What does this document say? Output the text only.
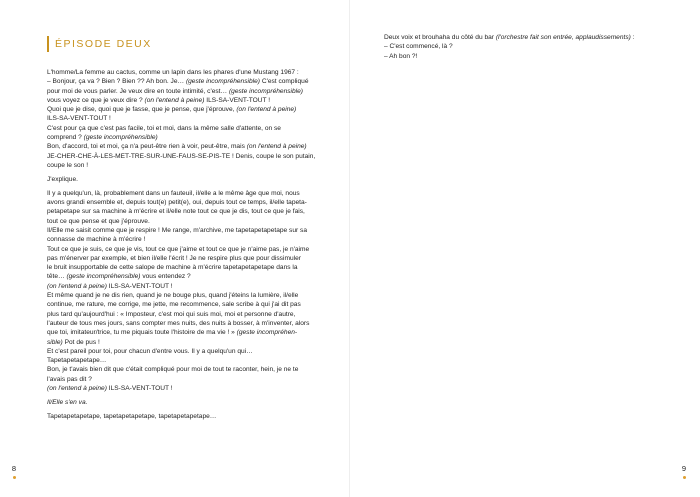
ÉPISODE DEUX

L'homme/La femme au cactus, comme un lapin dans les phares d'une Mustang 1967 :
– Bonjour, ça va ? Bien ? Bien ?? Ah bon. Je… (geste incompréhensible) C'est compliqué
pour moi de vous parler. Je veux dire en toute intimité, c'est… (geste incompréhensible)
vous voyez ce que je veux dire ? (on l'entend à peine) ILS-SA-VENT-TOUT !
Quoi que je dise, quoi que je fasse, que je pense, que j'éprouve, (on l'entend à peine)
ILS-SA-VENT-TOUT !
C'est pour ça que c'est pas facile, toi et moi, dans la même salle d'attente, on se
comprend ? (geste incompréhensible)
Bon, d'accord, toi et moi, ça n'a peut-être rien à voir, peut-être, mais (on l'entend à peine)
JE-CHER-CHE-À-LES-MET-TRE-SUR-UNE-FAUS-SE-PIS-TE ! Denis, coupe le son putain,
coupe le son !

J'explique.

Il y a quelqu'un, là, probablement dans un fauteuil, il/elle a le même âge que moi, nous
avons grandi ensemble et, depuis tout(e) petit(e), oui, depuis tout ce temps, il/elle tapeta-
petapetape sur sa machine à m'écrire et il/elle note tout ce que je dis, tout ce que je fais,
tout ce que pense et que j'éprouve.
Il/Elle me saisit comme que je respire ! Me range, m'archive, me tapetapetapetape sur sa
connasse de machine à m'écrire !
Tout ce que je suis, ce que je vis, tout ce que j'aime et tout ce que je n'aime pas, je n'aime
pas m'énerver par exemple, et bien il/elle l'écrit ! Je ne respire plus que pour dissimuler
le bruit insupportable de cette salope de machine à m'écrire tapetapetapetape dans la
tête… (geste incompréhensible) vous entendez ?
(on l'entend à peine) ILS-SA-VENT-TOUT !
Et même quand je ne dis rien, quand je ne bouge plus, quand j'éteins la lumière, il/elle
continue, me rature, me corrige, me jette, me recommence, sale scribe à qui j'ai dit pas
plus tard qu'aujourd'hui : « Imposteur, c'est moi qui suis moi, moi et personne d'autre,
l'auteur de tous mes jours, sans compter mes nuits, des nuits à bosser, à m'inventer, alors
que toi, imitateur/trice, tu me piquais toute l'histoire de ma vie ! » (geste incompréhen-
sible) Pot de pus !
Et c'est pareil pour toi, pour chacun d'entre vous. Il y a quelqu'un qui…
Tapetapetapetape…
Bon, je t'avais bien dit que c'était compliqué pour moi de tout te raconter, hein, je ne te
l'avais pas dit ?
(on l'entend à peine) ILS-SA-VENT-TOUT !

Il/Elle s'en va.

Tapetapetapetape, tapetapetapetape, tapetapetapetape…

8	9
Deux voix et brouhaha du côté du bar (l'orchestre fait son entrée, applaudissements) :
– C'est commencé, là ?
– Ah bon ?!
